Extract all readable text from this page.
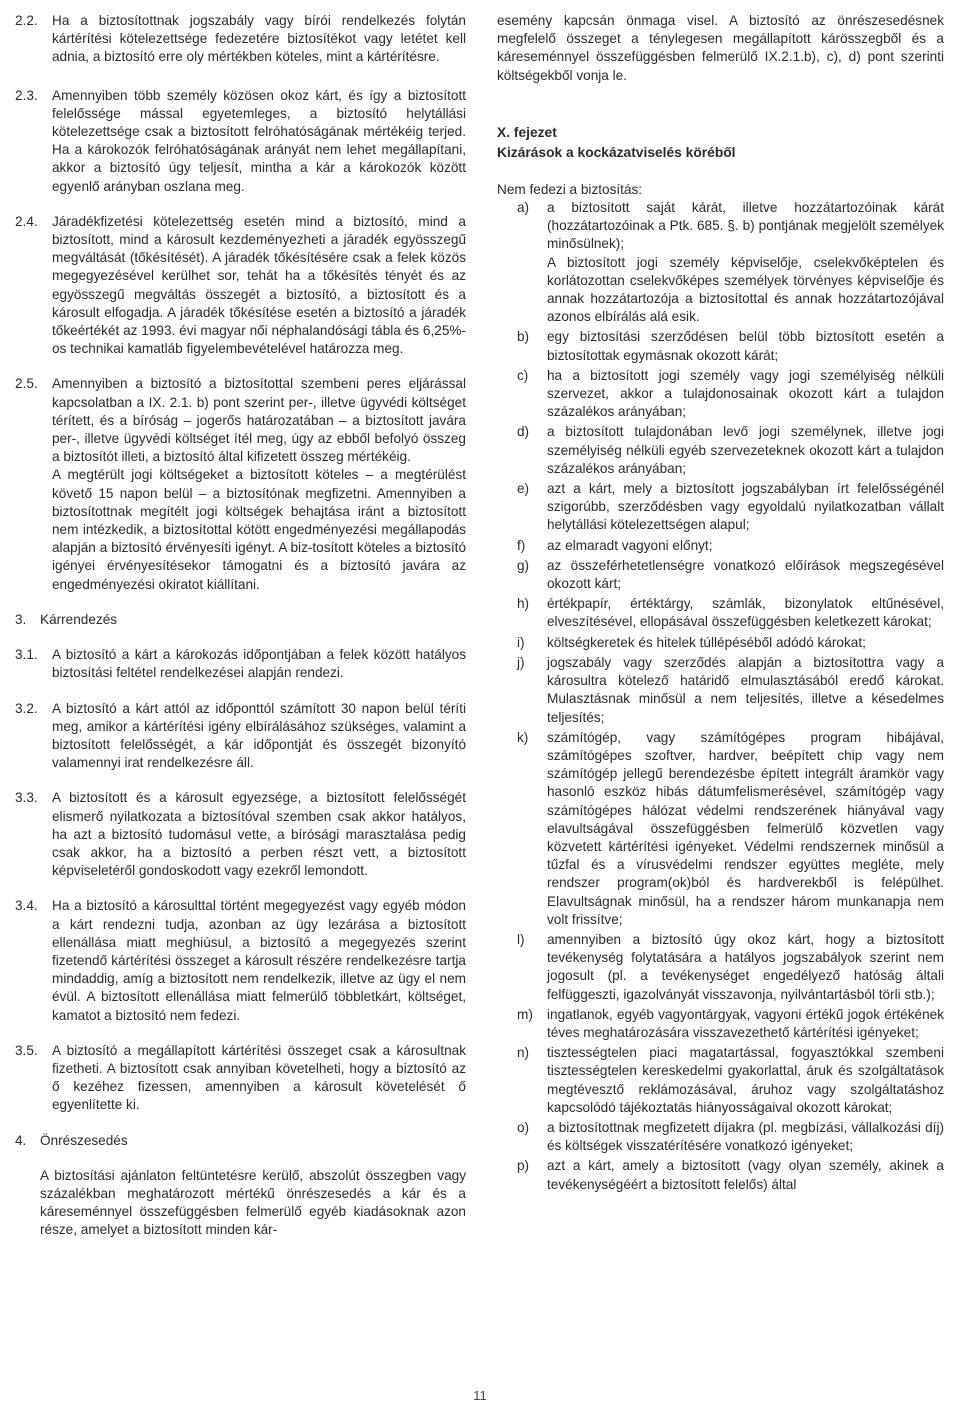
2.2. Ha a biztosítottnak jogszabály vagy bírói rendelkezés folytán kártérítési kötelezettsége fedezetére biztosítékot vagy letétet kell adnia, a biztosító erre oly mértékben köteles, mint a kártérítésre.
2.3. Amennyiben több személy közösen okoz kárt, és így a biztosított felelőssége mással egyetemleges, a biztosító helytállási kötelezettsége csak a biztosított felróhatóságának mértékéig terjed. Ha a károkozók felróhatóságának arányát nem lehet megállapítani, akkor a biztosító úgy teljesít, mintha a kár a károkozók között egyenlő arányban oszlana meg.
2.4. Járadékfizetési kötelezettség esetén mind a biztosító, mind a biztosított, mind a károsult kezdeményezheti a járadék egyösszegű megváltását (tőkésítését). A járadék tőkésítésére csak a felek közös megegyezésével kerülhet sor, tehát ha a tőkésítés tényét és az egyösszegű megváltás összegét a biztosító, a biztosított és a károsult elfogadja. A járadék tőkésítése esetén a biztosító a járadék tőkeértékét az 1993. évi magyar női néphalandósági tábla és 6,25%-os technikai kamatláb figyelembevételével határozza meg.
2.5. Amennyiben a biztosító a biztosítottal szembeni peres eljárással kapcsolatban a IX. 2.1. b) pont szerint per-, illetve ügyvédi költséget térített, és a bíróság – jogerős határozatában – a biztosított javára per-, illetve ügyvédi költséget ítél meg, úgy az ebből befolyó összeg a biztosítót illeti, a biztosító által kifizetett összeg mértékéig.
A megtérült jogi költségeket a biztosított köteles – a megtérülést követő 15 napon belül – a biztosítónak megfizetni. Amennyiben a biztosítottnak megítélt jogi költségek behajtása iránt a biztosított nem intézkedik, a biztosítottal kötött engedményezési megállapodás alapján a biztosító érvényesíti igényt. A biz-tosított köteles a biztosító igényei érvényesítésekor támogatni és a biztosító javára az engedményezési okiratot kiállítani.
3. Kárrendezés
3.1. A biztosító a kárt a károkozás időpontjában a felek között hatályos biztosítási feltétel rendelkezései alapján rendezi.
3.2. A biztosító a kárt attól az időponttól számított 30 napon belül téríti meg, amikor a kártérítési igény elbírálásához szükséges, valamint a biztosított felelősségét, a kár időpontját és összegét bizonyító valamennyi irat rendelkezésre áll.
3.3. A biztosított és a károsult egyezsége, a biztosított felelősségét elismerő nyilatkozata a biztosítóval szemben csak akkor hatályos, ha azt a biztosító tudomásul vette, a bírósági marasztalása pedig csak akkor, ha a biztosító a perben részt vett, a biztosított képviseletéről gondoskodott vagy ezekről lemondott.
3.4. Ha a biztosító a károsulttal történt megegyezést vagy egyéb módon a kárt rendezni tudja, azonban az ügy lezárása a biztosított ellenállása miatt meghiúsul, a biztosító a megegyezés szerint fizetendő kártérítési összeget a károsult részére rendelkezésre tartja mindaddig, amíg a biztosított nem rendelkezik, illetve az ügy el nem évül. A biztosított ellenállása miatt felmerülő többletkárt, költséget, kamatot a biztosító nem fedezi.
3.5. A biztosító a megállapított kártérítési összeget csak a károsultnak fizetheti. A biztosított csak annyiban követelheti, hogy a biztosító az ő kezéhez fizessen, amennyiben a károsult követelését ő egyenlítette ki.
4. Önrészesedés
A biztosítási ajánlaton feltüntetésre kerülő, abszolút összegben vagy százalékban meghatározott mértékű önrészesedés a kár és a káreseménnyel összefüggésben felmerülő egyéb kiadásoknak azon része, amelyet a biztosított minden kár-
esemény kapcsán önmaga visel. A biztosító az önrészesedésnek megfelelő összeget a ténylegesen megállapított kárösszegből és a káreseménnyel összefüggésben felmerülő IX.2.1.b), c), d) pont szerinti költségekből vonja le.
X. fejezet
Kizárások a kockázatviselés köréből
Nem fedezi a biztosítás:
a) a biztosított saját kárát, illetve hozzátartozóinak kárát (hozzátartozóinak a Ptk. 685. §. b) pontjának megjelölt személyek minősülnek);
A biztosított jogi személy képviselője, cselekvőképtelen és korlátozottan cselekvőképes személyek törvényes képviselője és annak hozzátartozója a biztosítottal és annak hozzátartozójával azonos elbírálás alá esik.
b) egy biztosítási szerződésen belül több biztosított esetén a biztosítottak egymásnak okozott kárát;
c) ha a biztosított jogi személy vagy jogi személyiség nélküli szervezet, akkor a tulajdonosainak okozott kárt a tulajdon százalékos arányában;
d) a biztosított tulajdonában levő jogi személynek, illetve jogi személyiség nélküli egyéb szervezeteknek okozott kárt a tulajdon százalékos arányában;
e) azt a kárt, mely a biztosított jogszabályban írt felelősségénél szigorúbb, szerződésben vagy egyoldalú nyilatkozatban vállalt helytállási kötelezettségen alapul;
f) az elmaradt vagyoni előnyt;
g) az összeférhetetlenségre vonatkozó előírások megszegésével okozott kárt;
h) értékpapír, értéktárgy, számlák, bizonylatok eltűnésével, elveszítésével, ellopásával összefüggésben keletkezett károkat;
i) költségkeretek és hitelek túllépéséből adódó károkat;
j) jogszabály vagy szerződés alapján a biztosítottra vagy a károsultra kötelező határidő elmulasztásából eredő károkat. Mulasztásnak minősül a nem teljesítés, illetve a késedelmes teljesítés;
k) számítógép, vagy számítógépes program hibájával, számítógépes szoftver, hardver, beépített chip vagy nem számítógép jellegű berendezésbe épített integrált áramkör vagy hasonló eszköz hibás dátumfelismerésével, számítógép vagy számítógépes hálózat védelmi rendszerének hiányával vagy elavultságával összefüggésben felmerülő közvetlen vagy közvetett kártérítési igényeket. Védelmi rendszernek minősül a tűzfal és a vírusvédelmi rendszer együttes megléte, mely rendszer program(ok)ból és hardverekből is felépülhet. Elavultságnak minősül, ha a rendszer három munkanapja nem volt frissítve;
l) amennyiben a biztosító úgy okoz kárt, hogy a biztosított tevékenység folytatására a hatályos jogszabályok szerint nem jogosult (pl. a tevékenységet engedélyező hatóság általi felfüggeszti, igazolványát visszavonja, nyilvántartásból törli stb.);
m) ingatlanok, egyéb vagyontárgyak, vagyoni értékű jogok értékének téves meghatározására visszavezethető kártérítési igényeket;
n) tisztességtelen piaci magatartással, fogyasztókkal szembeni tisztességtelen kereskedelmi gyakorlattal, áruk és szolgáltatások megtévesztő reklámozásával, áruhoz vagy szolgáltatáshoz kapcsolódó tájékoztatás hiányosságaival okozott károkat;
o) a biztosítottnak megfizetett díjakra (pl. megbízási, vállalkozási díj) és költségek visszatérítésére vonatkozó igényeket;
p) azt a kárt, amely a biztosított (vagy olyan személy, akinek a tevékenységéért a biztosított felelős) által
11
